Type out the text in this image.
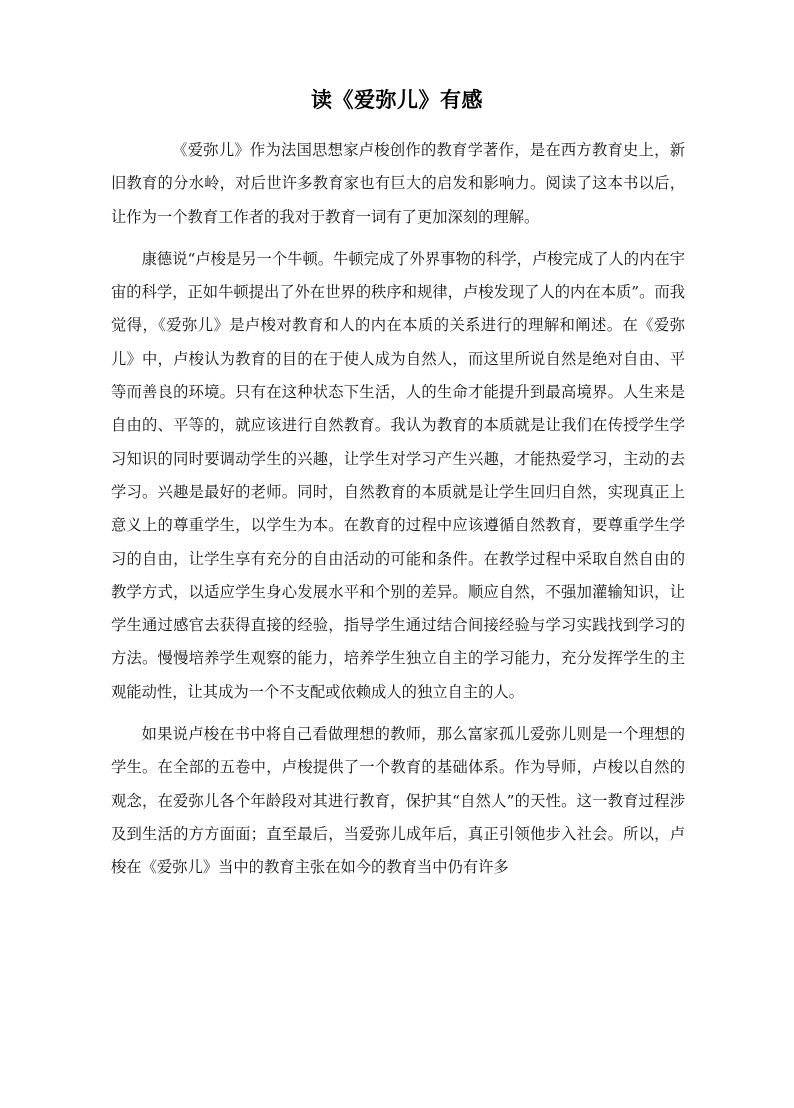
读《爱弥儿》有感

《爱弥儿》作为法国思想家卢梭创作的教育学著作，是在西方教育史上，新旧教育的分水岭，对后世许多教育家也有巨大的启发和影响力。阅读了这本书以后，让作为一个教育工作者的我对于教育一词有了更加深刻的理解。

康德说“卢梭是另一个牛顿。牛顿完成了外界事物的科学，卢梭完成了人的内在宇宙的科学，正如牛顿提出了外在世界的秩序和规律，卢梭发现了人的内在本质”。而我觉得，《爱弥儿》是卢梭对教育和人的内在本质的关系进行的理解和阐述。在《爱弥儿》中，卢梭认为教育的目的在于使人成为自然人，而这里所说自然是绝对自由、平等而善良的环境。只有在这种状态下生活，人的生命才能提升到最高境界。人生来是自由的、平等的，就应该进行自然教育。我认为教育的本质就是让我们在传授学生学习知识的同时要调动学生的兴趣，让学生对学习产生兴趣，才能热爱学习，主动的去学习。兴趣是最好的老师。同时，自然教育的本质就是让学生回归自然，实现真正上意义上的尊重学生，以学生为本。在教育的过程中应该遵循自然教育，要尊重学生学习的自由，让学生享有充分的自由活动的可能和条件。在教学过程中采取自然自由的教学方式，以适应学生身心发展水平和个别的差异。顺应自然，不强加灌输知识，让学生通过感官去获得直接的经验，指导学生通过结合间接经验与学习实践找到学习的方法。慢慢培养学生观察的能力，培养学生独立自主的学习能力，充分发挥学生的主观能动性，让其成为一个不支配或依赖成人的独立自主的人。

如果说卢梭在书中将自己看做理想的教师，那么富家孤儿爱弥儿则是一个理想的学生。在全部的五卷中，卢梭提供了一个教育的基础体系。作为导师，卢梭以自然的观念，在爱弥儿各个年龄段对其进行教育，保护其“自然人”的天性。这一教育过程涉及到生活的方方面面；直至最后，当爱弥儿成年后，真正引领他步入社会。所以，卢梭在《爱弥儿》当中的教育主张在如今的教育当中仍有许多
